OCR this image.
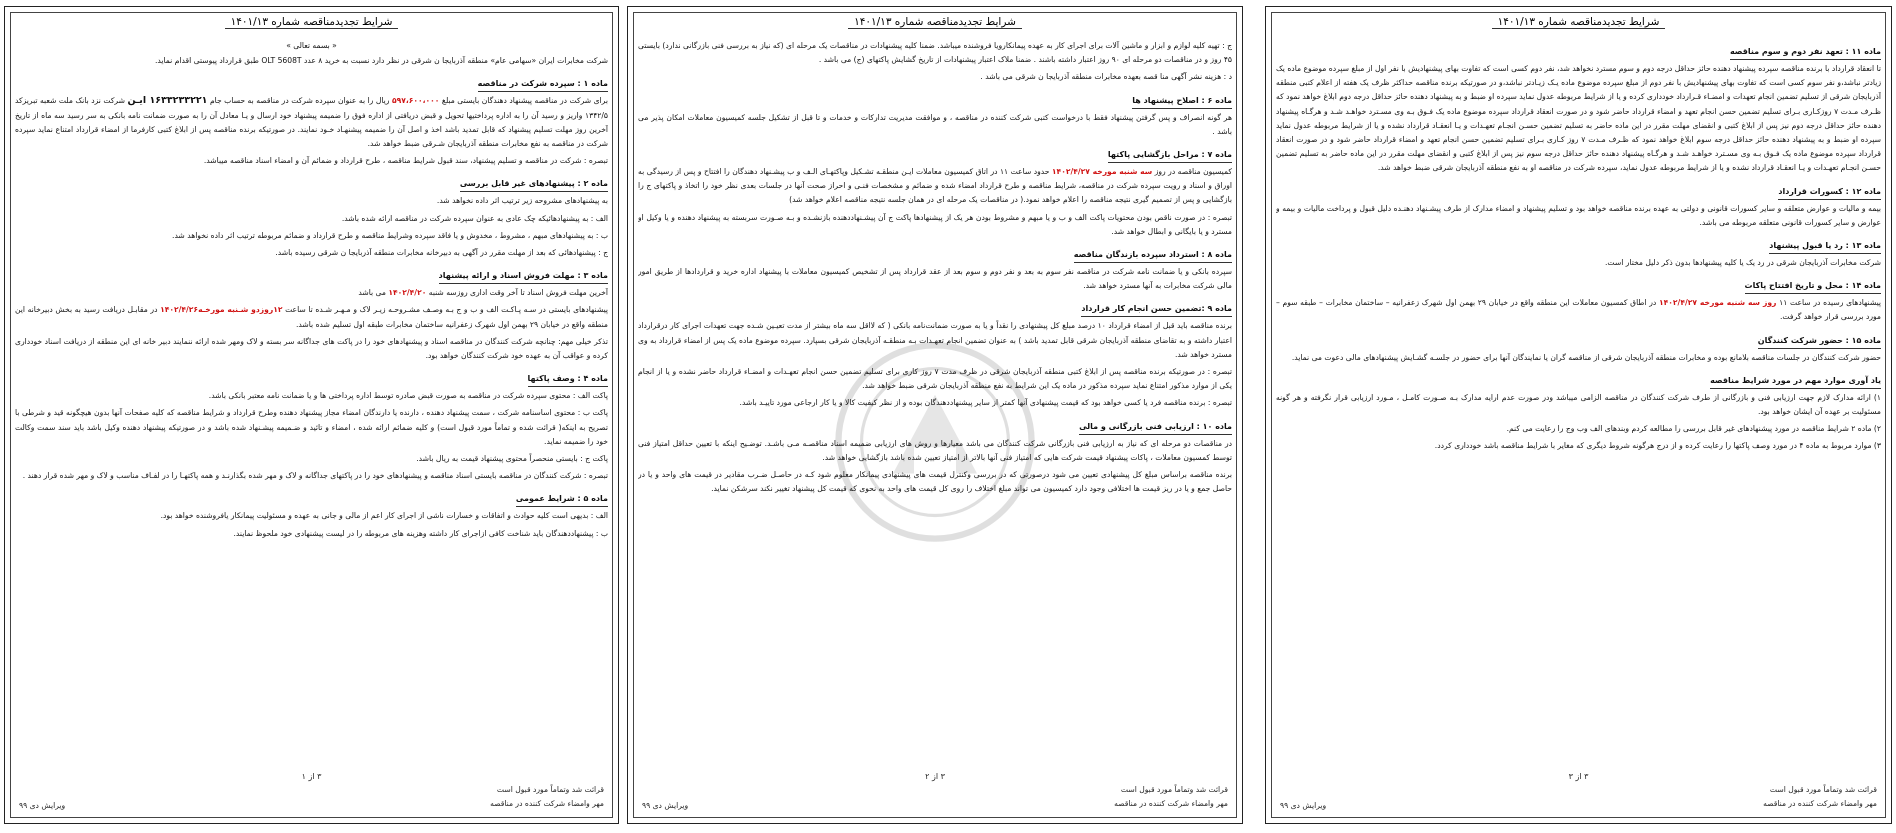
شرایط تجدیدمناقصه شماره ۱۴۰۱/۱۳

« بسمه تعالی »

شرکت مخابرات ایران «سهامی عام» منطقه آذربایجا ن شرقی در نظر دارد نسبت به خرید ۸ عدد OLT 5608T طبق قرارداد پیوستی اقدام نماید.

ماده ۱ : سپرده شرکت در مناقصه

برای شرکت در مناقصه پیشنهاد دهندگان بایستی مبلغ ۵۹۷،۶۰۰،۰۰۰ ریال را به عنوان سپرده شرکت در مناقصه به حساب جام ۱۶۳۳۲۳۳۲۲۱ ایـن شرکت نزد بانک ملت شعبه تبریزکد ۱۳۴۲/۵ واریز و رسید آن را به اداره پرداختیها تحویل و قبض دریافتی از اداره فوق را ضمیمه پیشنهاد خود ارسال و یـا معادل آن را به صورت ضمانت نامه بانکی به سر رسید سه ماه از تاریخ آخرین روز مهلت تسلیم پیشنهاد که قابل تمدید باشد اخذ و اصل آن را ضمیمه پیشنهـاد خـود نمایند. در صورتیکه برنده مناقصه پس از ابلاغ کتبی کارفرما از امضاء قرارداد امتناع نماید سپرده شرکت در مناقصه به نفع مخابرات منطقه آذربایجان شـرقی ضبط خواهد شد.

تبصره : شرکت در مناقصه و تسلیم پیشنهاد، سند قبول شرایط مناقصه ، طرح قرارداد و ضمائم آن و امضاء اسناد مناقصه میباشد.

ماده ۲ : پیشنهادهای غیر قابل بررسی

به پیشنهادهای مشروحه زیر ترتیب اثر داده نخواهد شد.

الف : به پیشنهادهائیکه چک عادی به عنوان سپرده شرکت در مناقصه ارائه شده باشد.

ب : به پیشنهادهای مبهم ، مشروط ، مخدوش و یا فاقد سپرده وشرایط مناقصه و طرح قرارداد و ضمائم مربوطه ترتیب اثر داده نخواهد شد.

ج : پیشنهادهائی که بعد از مهلت مقرر در آگهی به دبیرخانه مخابرات منطقه آذربایجا ن شرقی رسیده باشد.

ماده ۳ : مهلت فروش اسناد و ارائه پیشنهاد

آخرین مهلت فروش اسناد تا آخر وقت اداری روزسه شنبه ۱۴۰۲/۴/۲۰ می باشد

پیشنهادهای بایستی در سـه پـاکـت الف و ب و ج بـه وصـف مشـروحـه زیـر لاک و مـهـر شـده تا ساعت ۱۲روزدو شـنبه مورخـه۱۴۰۲/۴/۲۶ در مقابـل دریافت رسید به بخش دبیرخانه این منطقه واقع در خیابان ۲۹ بهمن اول شهرک زعفرانیه ساختمان مخابرات طبقه اول تسلیم شده باشد.

تذکر خیلی مهم: چنانچه شرکت کنندگان در مناقصه اسناد و پیشنهادهای خود را در پاکت های جداگانه سر بسته و لاک ومهر شده ارائه ننمایند دبیر خانه ای این منطقه از دریافت اسناد خودداری کرده و عواقب آن به عهده خود شرکت کنندگان خواهد بود.

ماده ۴ : وصف پاکتها

پاکت الف : محتوی سپرده شرکت در مناقصه به صورت قبض صادره توسط اداره پرداختی ها و یا ضمانت نامه معتبر بانکی باشد.

پاکت ب : محتوی اساسنامه شرکت ، سمت پیشنهاد دهنده ، دارنده یا دارندگان امضاء مجاز پیشنهاد دهنده وطرح قرارداد و شرایط مناقصه که کلیه صفحات آنها بدون هیچگونه قید و شرطی با تصریح به اینکه( قرائت شده و تماماً مورد قبول است) و کلیه ضمائم ارائه شده ، امضاء و تائید و ضـمیمه پیشـنهاد شده باشد و در صورتیکه پیشنهاد دهنده وکیل باشد باید سند سمت وکالت خود را ضمیمه نماید.

پاکت ج : بایستی منحصراً محتوی پیشنهاد قیمت به ریال باشد.

تبصره : شرکت کنندگان در مناقصه بایستی اسناد مناقصه و پیشنهادهای خود را در پاکتهای جداگانه و لاک و مهر شده بگذارنـد و همه پاکتهـا را در لفـاف مناسب و لاک و مهر شده قرار دهند .

ماده ۵ : شرایط عمومی

الف : بدیهی است کلیه حوادث و اتفاقات و خسارات ناشی از اجرای کار اعم از مالی و جانی به عهده و مسئولیت پیمانکار یافروشنده خواهد بود.

ب : پیشنهاددهندگان باید شناخت کافی ازاجرای کار داشته وهزینه های مربوطه را در لیست پیشنهادی خود ملحوظ نمایند.

۳ از ۱
قرائت شد وتماماً مورد قبول است
مهر وامضاء شرکت کننده در مناقصه
ویرایش دی ۹۹
شرایط تجدیدمناقصه شماره ۱۴۰۱/۱۳

ج : تهیه کلیه لوازم و ابزار و ماشین آلات برای اجرای کار به عهده پیمانکارویا فروشنده میباشد. ضمنا کلیه پیشنهادات در مناقصات یک مرحله ای (که نیاز به بررسی فنی بازرگانی ندارد) بایستی ۴۵ روز و در مناقصات دو مرحله ای ۹۰ روز اعتبار داشته باشند . ضمنا ملاک اعتبار پیشنهادات از تاریخ گشایش پاکتهای (ج) می باشد .

د : هزینه نشر آگهی منا قصه بعهده مخابرات منطقه آذربایجا ن شرقی می باشد .

ماده ۶ : اصلاح پیشنهاد ها

هر گونه انصراف و پس گرفتن پیشنهاد فقط با درخواست کتبی شرکت کننده در مناقصه ، و موافقت مدیریت تدارکات و خدمات و تا قبل از تشکیل جلسه کمیسیون معاملات امکان پذیر می باشد .

ماده ۷ : مراحل بازگشایی پاکتها

کمیسیون مناقصه در روز سه شنبه مورخه ۱۴۰۲/۴/۲۷ حدود ساعت ۱۱ در اتاق کمیسیون معاملات ایـن منطقـه تشـکیل وپاکتهـای الـف و ب پیشـنهاد دهندگان را افتتاح و پس از رسیدگی به اوراق و اسناد و رویت سپرده شرکت در مناقصه، شرایط مناقصه و طرح قرارداد امضاء شده و ضمائم و مشخصات فنـی و احراز صحت آنها در جلسات بعدی نظر خود را اتخاذ و پاکتهای ج را بازگشایی و پس از تصمیم گیری نتیجه مناقصه را اعلام خواهد نمود.( در مناقصات یک مرحله ای در همان جلسه نتیجه مناقصه اعلام خواهد شد)

تبصره : در صورت ناقص بودن محتویات پاکت الف و ب و یا مبهم و مشروط بودن هر یک از پیشنهادها پاکت ج آن پیشـنهاددهنده بازنشـده و بـه صـورت سربسته به پیشنهاد دهنده و یا وکیل او مسترد و یا بایگانی و ابطال خواهد شد.

ماده ۸ : استرداد سپرده بازندگان مناقصه

سپرده بانکی و یا ضمانت نامه شرکت در مناقصه نفر سوم به بعد و نفر دوم و سوم بعد از عقد قرارداد پس از تشخیص کمیسیون معاملات با پیشنهاد اداره خرید و قراردادها از طریق امور مالی شرکت مخابرات به آنها مسترد خواهد شد.

ماده ۹ :تضمین حسن انجام کار قرارداد

برنده مناقصه باید قبل از امضاء قرارداد ۱۰ درصد مبلغ کل پیشنهادی را نقداً و یا به صورت ضمانت‌نامه بانکی ( که لااقل سه ماه بیشتر از مدت تعیـین شـده جهت تعهدات اجرای کار درقرارداد اعتبار داشته و به تقاضای منطقه آذربایجان شرقی قابل تمدید باشد ) به عنوان تضمین انجام تعهـدات بـه منطقـه آذربایجان شرقی بسپارد. سپرده موضوع ماده یک پس از امضاء قرارداد به وی مسترد خواهد شد.

تبصره : در صورتیکه برنده مناقصه پس از ابلاغ کتبی منطقه آذربایجان شرقی در ظرف مدت ۷ روز کاری برای تسلیم تضمین حسن انجام تعهـدات و امضـاء قرارداد حاضر نشده و یا از انجام یکی از موارد مذکور امتناع نماید سپرده مذکور در ماده یک این شرایط به نفع منطقه آذربایجان شرقی ضبط خواهد شد.

تبصره : برنده مناقصه فرد یا کسی خواهد بود که قیمت پیشنهادی آنها کمتر از سایر پیشنهاددهندگان بوده و از نظر کیفیت کالا و یا کار ارجاعی مورد تاییـد باشد.

ماده ۱۰ : ارزیابی فنی بازرگانی و مالی

در مناقصات دو مرحله ای که نیاز به ارزیابی فنی بازرگانی شرکت کنندگان می باشد معیارها و روش های ارزیابی ضمیمه اسناد مناقصـه مـی باشـد. توضـیح اینکه با تعیین حداقل امتیاز فنی توسط کمسیون معاملات ، پاکات پیشنهاد قیمت شرکت هایی که امتیاز فنی آنها بالاتر از امتیاز تعیین شده باشد بازگشایی خواهد شد.

برنده مناقصه براساس مبلغ کل پیشنهادی تعیین می شود درصورتی که در بررسی وکنترل قیمت های پیشنهادی پیمانکار معلوم شود کـه در حاصـل ضـرب مقادیر در قیمت های واحد و یا در حاصل جمع و یا در ریز قیمت ها اختلافی وجود دارد کمیسیون می تواند مبلغ اختلاف را روی کل قیمت های واحد به نحوی که قیمت کل پیشنهاد تغییر نکند سرشکن نماید.

۳ از ۲
قرائت شد وتماماً مورد قبول است
مهر وامضاء شرکت کننده در مناقصه
ویرایش دی ۹۹
شرایط تجدیدمناقصه شماره ۱۴۰۱/۱۳
ماده ۱۱ : تعهد نفر دوم و سوم مناقصه

تا انعقاد قرارداد با برنده مناقصه سپرده پیشنهاد دهنده حائز حداقل درجه دوم و سوم مسترد نخواهد شد، نفر دوم کسی است که تفاوت بهای پیشنهادیش با نفر اول از مبلغ سپرده موضوع ماده یک زیادتر نباشد،و نفر سوم کسی است که تفاوت بهای پیشنهادیش با نفر دوم از مبلغ سپرده موضوع ماده یـک زیـادتر نباشد،و در صورتیکه برنده مناقصه حداکثر ظرف یک هفته از اعلام کتبی منطقه آذربایجان شرقی از تسلیم تضمین انجام تعهدات و امضـاء قـرارداد خودداری کرده و یا از شرایط مربوطه عدول نماید سپرده او ضبط و به پیشنهاد دهنده حائز حداقل درجه دوم ابلاغ خواهد نمود که ظـرف مـدت ۷ روزکـاری بـرای تسلیم تضمین حسن انجام تعهد و امضاء قرارداد حاضر شود و در صورت انعقاد قرارداد سپرده موضوع ماده یک فـوق بـه وی مسـترد خواهـد شـد و هرگـاه پیشنهاد دهنده حائز حداقل درجه دوم نیز پس از ابلاغ کتبی و انقضای مهلت مقرر در این ماده حاضر به تسلیم تضمین حسـن انجـام تعهـدات و یـا انعقـاد قرارداد نشده و یا از شرایط مربوطه عدول نماید سپرده او ضبط و به پیشنهاد دهنده حائز حداقل درجه سوم ابلاغ خواهد نمود که ظـرف مـدت ۷ روز کـاری بـرای تسلیم تضمین حسن انجام تعهد و امضاء قرارداد حاضر شود و در صورت انعقاد قرارداد سپرده موضوع ماده یک فـوق بـه وی مسـترد خواهـد شـد و هرگـاه پیشنهاد دهنده حائز حداقل درجه سوم نیز پس از ابلاغ کتبی و انقضای مهلت مقرر در این ماده حاضر به تسلیم تضمین حسـن انجـام تعهـدات و یـا انعقـاد قرارداد نشده و یا از شرایط مربوطه عدول نماید، سپرده شرکت در مناقصه او به نفع منطقه آذربایجان شرقی ضبط خواهد شد.

ماده ۱۲ : کسورات قرارداد

بیمه و مالیات و عوارض متعلقه و سایر کسورات قانونی و دولتی به عهده برنده مناقصه خواهد بود و تسلیم پیشنهاد و امضاء مدارک از طرف پیشـنهاد دهنـده دلیل قبول و پرداخت مالیات و بیمه و عوارض و سایر کسورات قانونی متعلقه مربوطه می باشد.

ماده ۱۳ : رد یا قبول پیشنهاد

شرکت مخابرات آذربایجان شرقی در رد یک یا کلیه پیشنهادها بدون ذکر دلیل مختار است.

ماده ۱۴ : محل و تاریخ افتتاح پاکات

پیشنهادهای رسیده در ساعت ۱۱ روز سه شنبه مورخه ۱۴۰۲/۴/۲۷ در اطاق کمسیون معاملات این منطقه واقع در خیابان ۲۹ بهمن اول شهرک زعفرانیه – ساختمان مخابرات – طبقه سوم – مورد بررسی قرار خواهد گرفت.

ماده ۱۵ : حضور شرکت کنندگان

حضور شرکت کنندگان در جلسات مناقصه بلامانع بوده و مخابرات منطقه آذربایجان شرقی از مناقصه گران یا نمایندگان آنها برای حضور در جلسـه گشـایش پیشنهادهای مالی دعوت می نماید.

یاد آوری موارد مهم در مورد شرایط مناقصه

۱) ارائه مدارک لازم جهت ارزیابی فنی و بازرگانی از طرف شرکت کنندگان در مناقصه الزامی میباشد ودر صورت عدم ارایه مدارک بـه صـورت کامـل ، مـورد ارزیابی قرار نگرفته و هر گونه مسئولیت بر عهده آن ایشان خواهد بود.

۲) ماده ۲ شرایط مناقصه در مورد پیشنهادهای غیر قابل بررسی را مطالعه کردم وبندهای الف وب وج را رعایت می کنم.

۳) موارد مربوط به ماده ۴ در مورد وصف پاکتها را رعایت کرده و از درج هرگونه شروط دیگری که مغایر با شرایط مناقصه باشد خودداری کردد.

۳ از ۳
قرائت شد وتماماً مورد قبول است
مهر وامضاء شرکت کننده در مناقصه
ویرایش دی ۹۹
